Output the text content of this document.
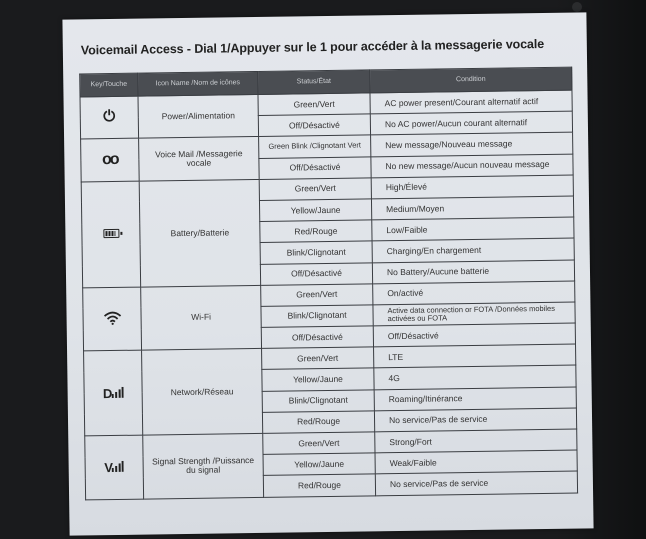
Voicemail Access - Dial 1/Appuyer sur le 1 pour accéder à la messagerie vocale
Key/Touche	Icon Name /Nom de icônes	Status/État	Condition
⏻	Power/Alimentation	Green/Vert	AC power present/Courant alternatif actif
		Off/Désactivé	No AC power/Aucun courant alternatif
oo	Voice Mail /Messagerie vocale	Green Blink /Clignotant Vert	New message/Nouveau message
		Off/Désactivé	No new message/Aucun nouveau message

	Battery/Batterie	Green/Vert	High/Élevé
		Yellow/Jaune	Medium/Moyen
		Red/Rouge	Low/Faible
		Blink/Clignotant	Charging/En chargement
		Off/Désactivé	No Battery/Aucune batterie
	Wi-Fi	Green/Vert	On/activé
		Blink/Clignotant	Active data connection or FOTA /Données mobiles activées ou FOTA
		Off/Désactivé	Off/Désactivé
D	Network/Réseau	Green/Vert	LTE
		Yellow/Jaune	4G
		Blink/Clignotant	Roaming/Itinérance
		Red/Rouge	No service/Pas de service
V	Signal Strength /Puissance du signal	Green/Vert	Strong/Fort
		Yellow/Jaune	Weak/Faible
		Red/Rouge	No service/Pas de service
